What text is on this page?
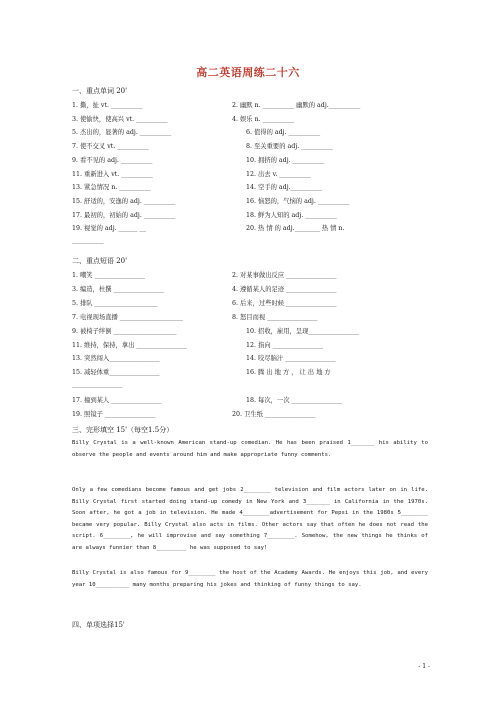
高二英语周练二十六
一、重点单词 20'
1. 撕，扯 vt. __________	2. 幽默 n. __________ 幽默的 adj.__________
3. 使愉快，使高兴 vt. __________	4. 娱乐 n. __________
5. 杰出的，显著的 adj. __________	6. 值得的 adj. __________
7. 使不交叉 vt. __________	8. 至关重要的 adj. __________
9. 看不见的 adj. __________	10. 拥挤的 adj. __________
11. 重新进入 vt. __________	12. 出去 v. __________
13. 紧急情况 n. __________	14. 空手的 adj.__________
15. 舒适的，安逸的 adj. __________	16. 恼怒的，气恼的 adj. __________
17. 最初的，初始的 adj. __________	18. 鲜为人知的 adj. __________
19. 视觉的 adj. ______ __	20. 热 情 的 adj.________ 热 情 n.
__________
二、重点短语 20'
1. 嘲笑 ________________	2. 对某事做出反应 ________________
3. 编造，杜撰 ________________	4. 遵循某人的足迹 ________________
5. 排队 ____________________	6. 后来，过些时候 ________________
7. 电视现场直播 ____________________	8. 怒目而视 ________________
9. 被椅子绊倒 ____________________	10. 招收，雇用，呈现________________
11. 维持，保持，拿出 ________________	12. 指向 ________________
13. 突然闯入________________	14. 咬尽脑汁 ________________
15. 减轻体重________________	16. 腾 出 地 方 ， 让 出 地 方
________________
17. 撞到某人 ________________	18. 每次，一次 ________________
19. 照镜子 ________________	20. 卫生纸 ________________
三、完形填空 15'（每空1.5分）
Billy Crystal is a well-known American stand-up comedian. He has been praised 1_______ his ability to observe the people and events around him and make appropriate funny comments.
Only a few comedians become famous and get jobs 2________ television and film actors later on in life. Billy Crystal first started doing stand-up comedy in New York and 3_______ in California in the 1970s. Soon after, he got a job in television. He made 4________advertisement for Pepsi in the 1980s 5________ became very popular. Billy Crystal also acts in films. Other actors say that often he does not read the script. 6________, he will improvise and say something 7________. Somehow, the new things he thinks of are always funnier than 8_________ he was supposed to say!
Billy Crystal is also famous for 9________ the host of the Academy Awards. He enjoys this job, and every year 10__________ many months preparing his jokes and thinking of funny things to say.
四、单项选择15'
- 1 -
